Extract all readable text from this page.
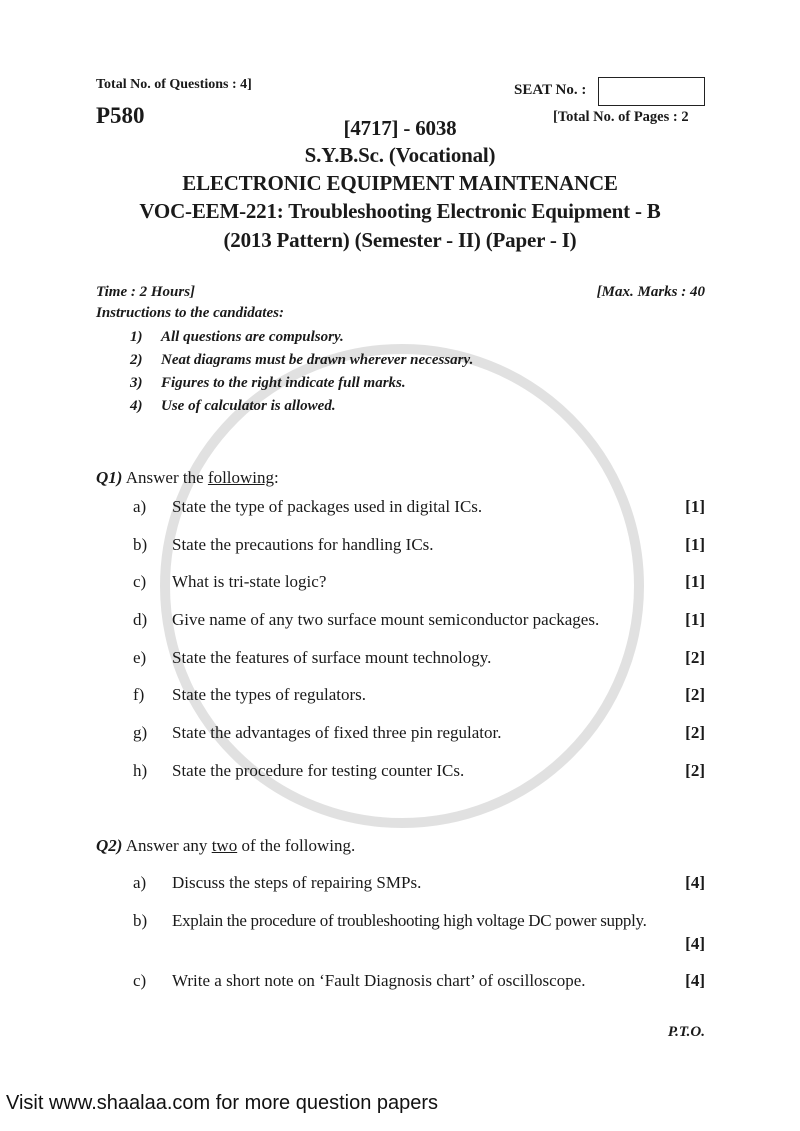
Total No. of Questions : 4]	SEAT No. :
P580	[Total No. of Pages : 2
[4717] - 6038
S.Y.B.Sc. (Vocational)
ELECTRONIC EQUIPMENT MAINTENANCE
VOC-EEM-221: Troubleshooting Electronic Equipment - B
(2013 Pattern) (Semester - II) (Paper - I)
Time : 2 Hours]	[Max. Marks : 40
Instructions to the candidates:
1) All questions are compulsory.
2) Neat diagrams must be drawn wherever necessary.
3) Figures to the right indicate full marks.
4) Use of calculator is allowed.
Q1) Answer the following:
a) State the type of packages used in digital ICs.	[1]
b) State the precautions for handling ICs.	[1]
c) What is tri-state logic?	[1]
d) Give name of any two surface mount semiconductor packages.	[1]
e) State the features of surface mount technology.	[2]
f) State the types of regulators.	[2]
g) State the advantages of fixed three pin regulator.	[2]
h) State the procedure for testing counter ICs.	[2]
Q2) Answer any two of the following.
a) Discuss the steps of repairing SMPs.	[4]
b) Explain the procedure of troubleshooting high voltage DC power supply.
[4]
c) Write a short note on ‘Fault Diagnosis chart’ of oscilloscope.	[4]
P.T.O.
Visit www.shaalaa.com for more question papers
